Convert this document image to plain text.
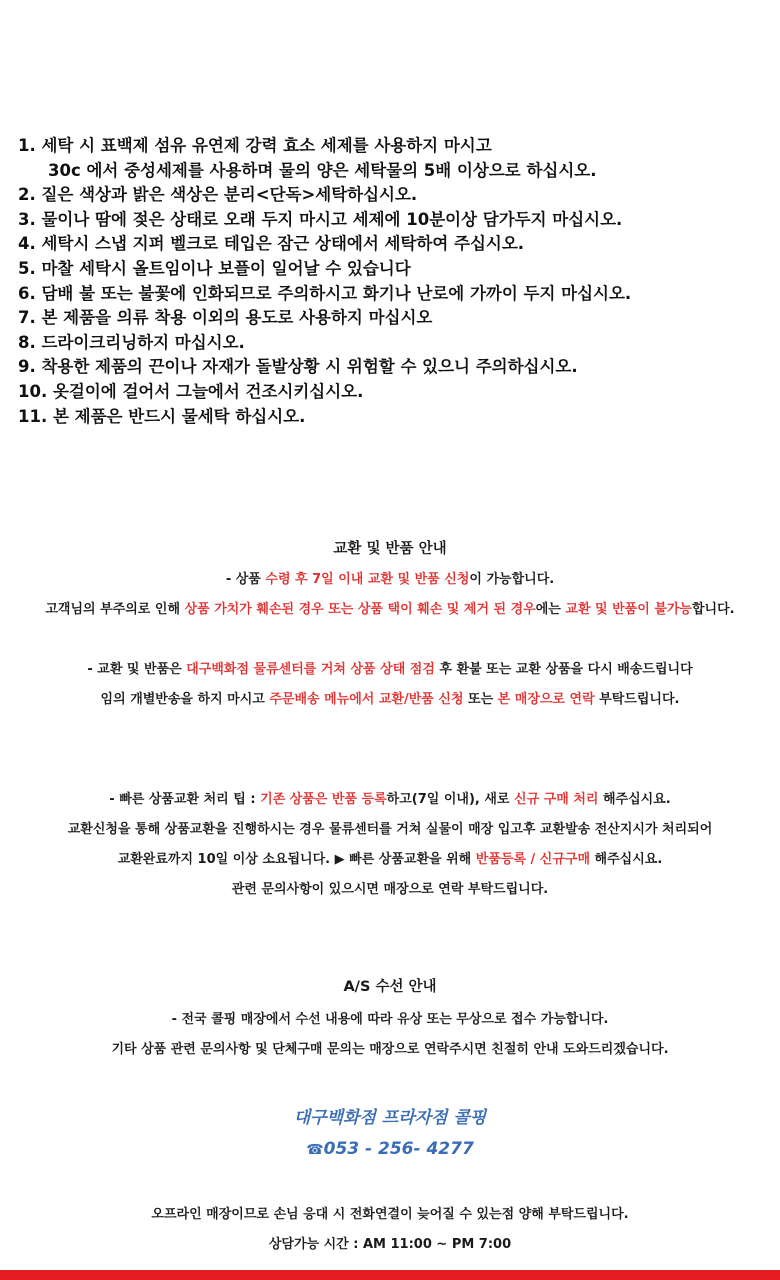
1. 세탁 시 표백제 섬유 유연제 강력 효소 세제를 사용하지 마시고
30c 에서 중성세제를 사용하며 물의 양은 세탁물의 5배 이상으로 하십시오.
2. 짙은 색상과 밝은 색상은 분리<단독>세탁하십시오.
3. 물이나 땀에 젖은 상태로 오래 두지 마시고 세제에 10분이상 담가두지 마십시오.
4. 세탁시 스냅 지퍼 벨크로 테입은 잠근 상태에서 세탁하여 주십시오.
5. 마찰 세탁시 올트임이나 보플이 일어날 수 있습니다
6. 담배 불 또는 불꽃에 인화되므로 주의하시고 화기나 난로에 가까이 두지 마십시오.
7. 본 제품을 의류 착용 이외의 용도로 사용하지 마십시오
8. 드라이크리닝하지 마십시오.
9. 착용한 제품의 끈이나 자재가 돌발상황 시 위험할 수 있으니 주의하십시오.
10. 옷걸이에 걸어서 그늘에서 건조시키십시오.
11. 본 제품은 반드시 물세탁 하십시오.
교환 및 반품 안내
- 상품 수령 후 7일 이내 교환 및 반품 신청이 가능합니다.
고객님의 부주의로 인해 상품 가치가 훼손된 경우 또는 상품 택이 훼손 및 제거 된 경우에는 교환 및 반품이 불가능합니다.
- 교환 및 반품은 대구백화점 물류센터를 거쳐 상품 상태 점검 후 환불 또는 교환 상품을 다시 배송드립니다
임의 개별반송을 하지 마시고 주문배송 메뉴에서 교환/반품 신청 또는 본 매장으로 연락 부탁드립니다.
- 빠른 상품교환 처리 팁 : 기존 상품은 반품 등록하고(7일 이내), 새로 신규 구매 처리 해주십시요.
교환신청을 통해 상품교환을 진행하시는 경우 물류센터를 거쳐 실물이 매장 입고후 교환발송 전산지시가 처리되어
교환완료까지 10일 이상 소요됩니다. ▶ 빠른 상품교환을 위해 반품등록 / 신규구매 해주십시요.
관련 문의사항이 있으시면 매장으로 연락 부탁드립니다.
A/S 수선 안내
- 전국 콜핑 매장에서 수선 내용에 따라 유상 또는 무상으로 접수 가능합니다.
기타 상품 관련 문의사항 및 단체구매 문의는 매장으로 연락주시면 친절히 안내 도와드리겠습니다.
대구백화점 프라자점 콜핑
☎053 - 256- 4277
오프라인 매장이므로 손님 응대 시 전화연결이 늦어질 수 있는점 양해 부탁드립니다.
상담가능 시간 : AM 11:00 ~ PM 7:00
